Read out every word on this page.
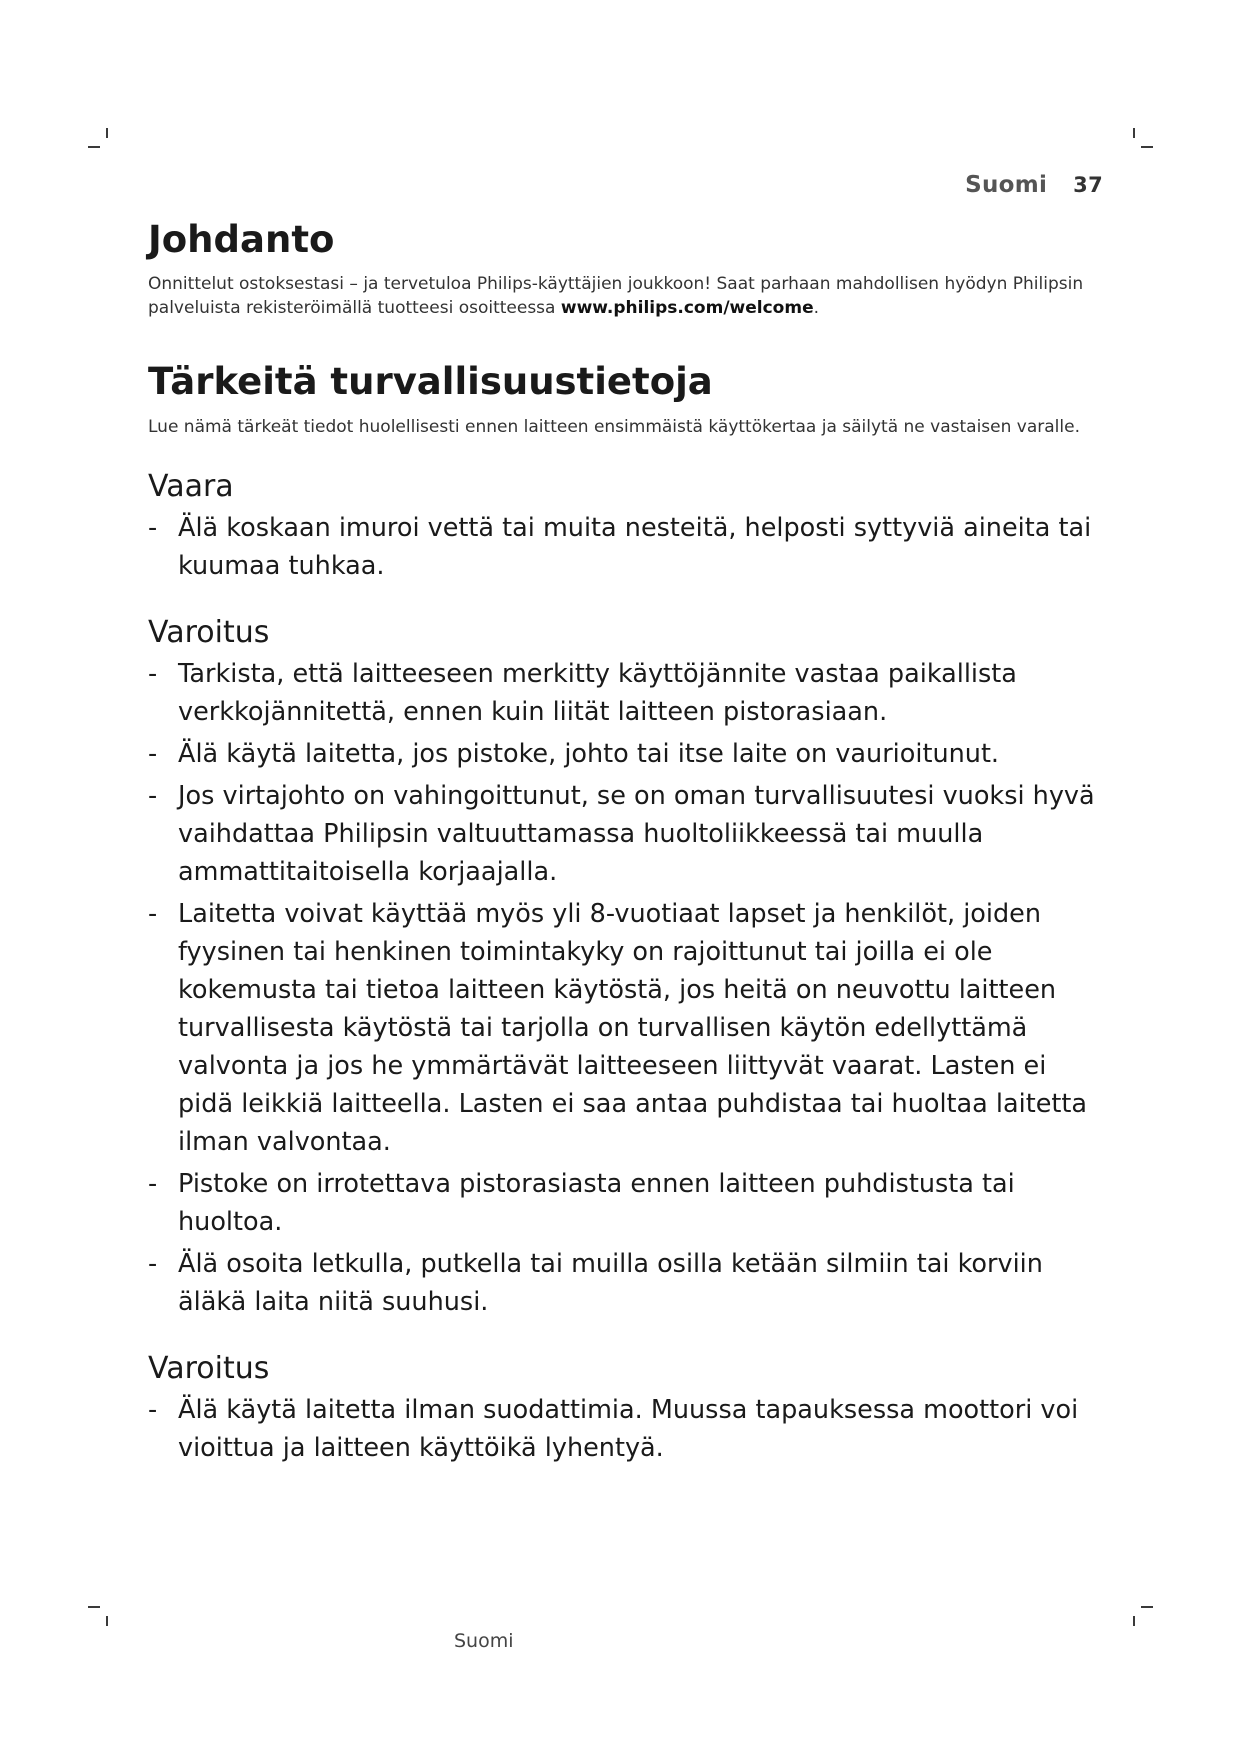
Suomi 37
Johdanto

Onnittelut ostoksestasi – ja tervetuloa Philips-käyttäjien joukkoon! Saat parhaan mahdollisen hyödyn Philipsin palveluista rekisteröimällä tuotteesi osoitteessa www.philips.com/welcome.

Tärkeitä turvallisuustietoja

Lue nämä tärkeät tiedot huolellisesti ennen laitteen ensimmäistä käyttökertaa ja säilytä ne vastaisen varalle.

Vaara
- Älä koskaan imuroi vettä tai muita nesteitä, helposti syttyviä aineita tai kuumaa tuhkaa.
Varoitus
- Tarkista, että laitteeseen merkitty käyttöjännite vastaa paikallista verkkojännitettä, ennen kuin liität laitteen pistorasiaan.
- Älä käytä laitetta, jos pistoke, johto tai itse laite on vaurioitunut.
- Jos virtajohto on vahingoittunut, se on oman turvallisuutesi vuoksi hyvä vaihdattaa Philipsin valtuuttamassa huoltoliikkeessä tai muulla ammattitaitoisella korjaajalla.
- Laitetta voivat käyttää myös yli 8-vuotiaat lapset ja henkilöt, joiden fyysinen tai henkinen toimintakyky on rajoittunut tai joilla ei ole kokemusta tai tietoa laitteen käytöstä, jos heitä on neuvottu laitteen turvallisesta käytöstä tai tarjolla on turvallisen käytön edellyttämä valvonta ja jos he ymmärtävät laitteeseen liittyvät vaarat. Lasten ei pidä leikkiä laitteella. Lasten ei saa antaa puhdistaa tai huoltaa laitetta ilman valvontaa.
- Pistoke on irrotettava pistorasiasta ennen laitteen puhdistusta tai huoltoa.
- Älä osoita letkulla, putkella tai muilla osilla ketään silmiin tai korviin äläkä laita niitä suuhusi.
Varoitus
- Älä käytä laitetta ilman suodattimia. Muussa tapauksessa moottori voi vioittua ja laitteen käyttöikä lyhentyä.
Suomi
